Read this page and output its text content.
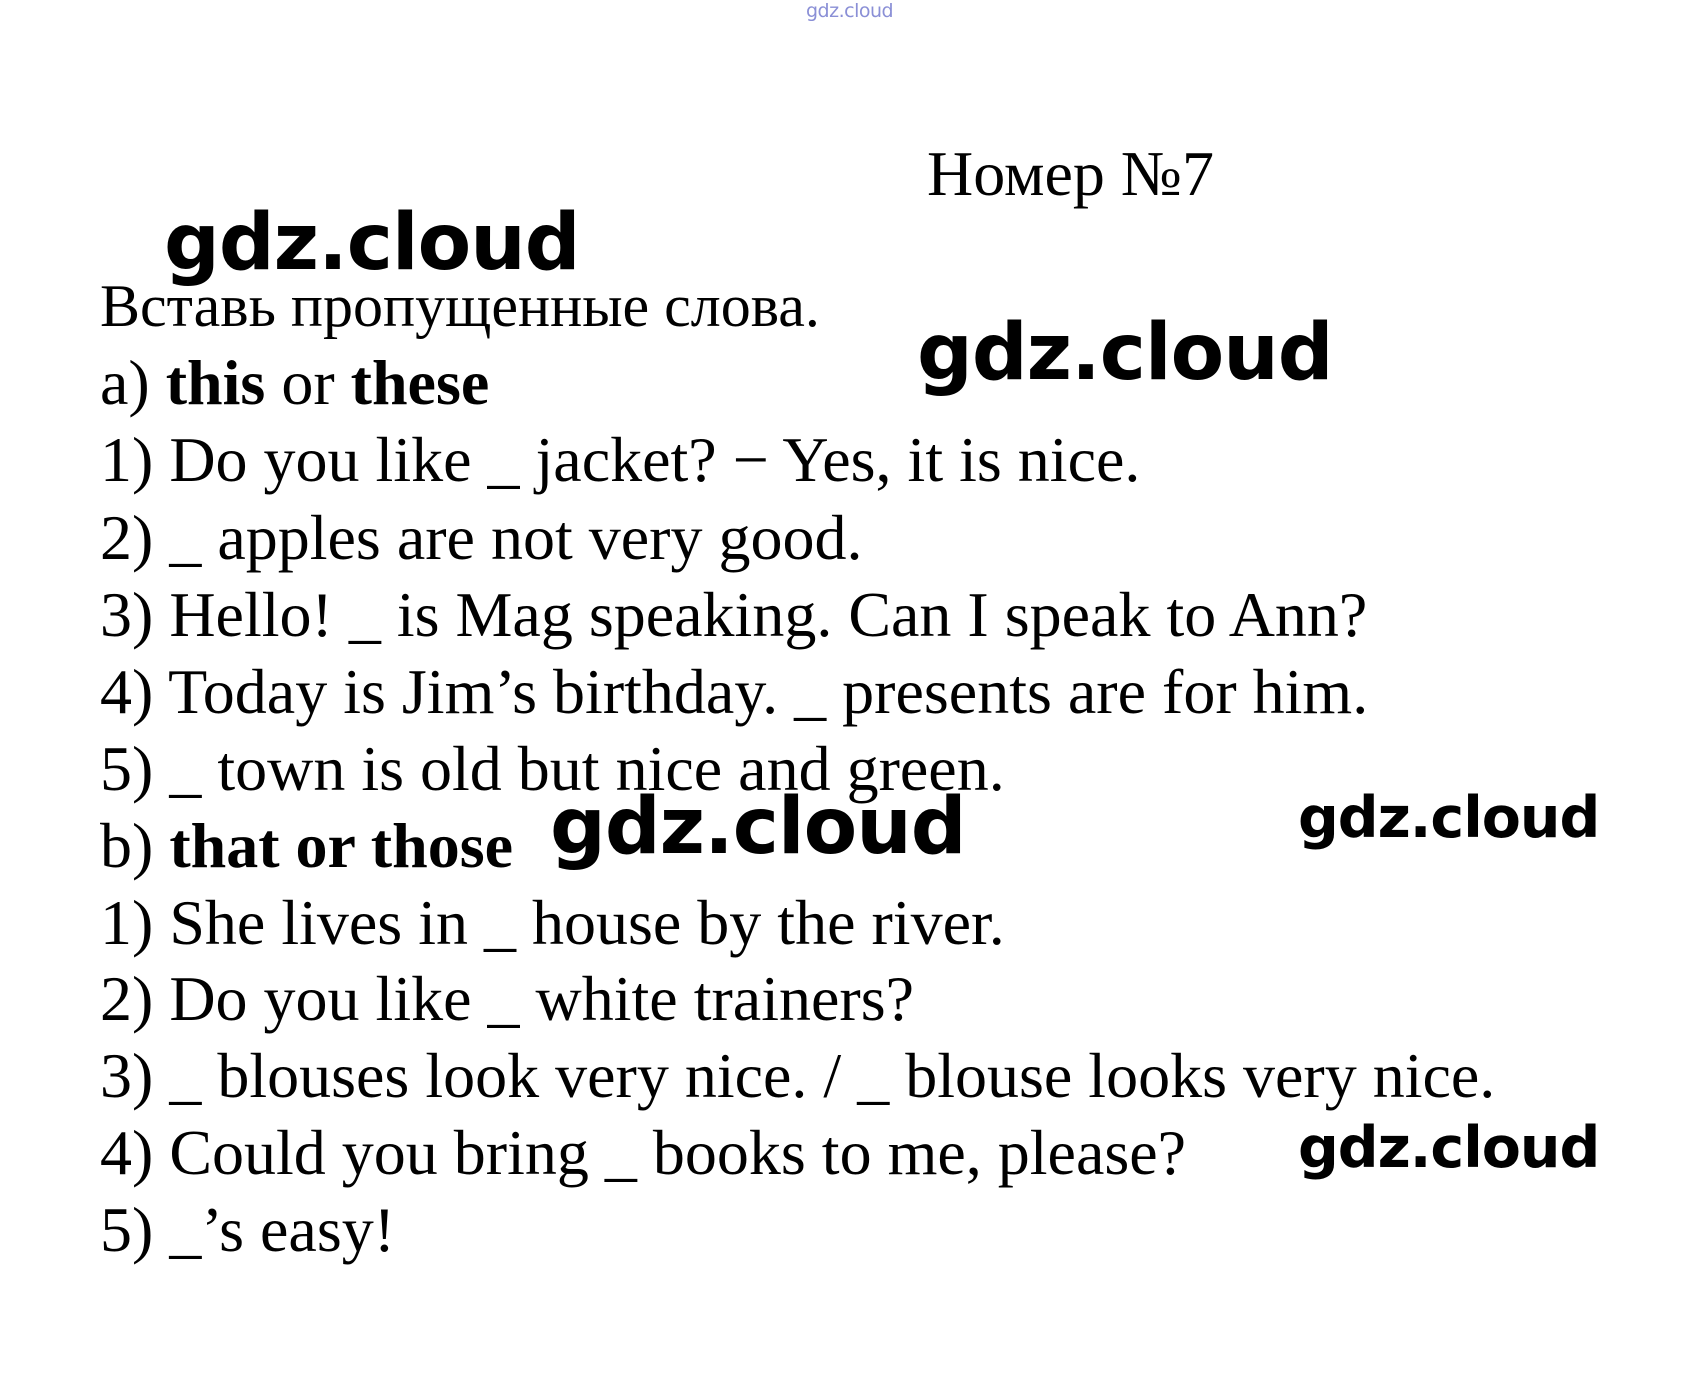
gdz.cloud
Номер №7
gdz.cloud
Вставь пропущенные слова.
gdz.cloud
a) this or these
1) Do you like _ jacket? − Yes, it is nice.
2) _ apples are not very good.
3) Hello! _ is Mag speaking. Can I speak to Ann?
4) Today is Jim’s birthday. _ presents are for him.
5) _ town is old but nice and green.
b) that or those gdz.cloud	gdz.cloud
1) She lives in _ house by the river.
2) Do you like _ white trainers?
3) _ blouses look very nice. / _ blouse looks very nice.
4) Could you bring _ books to me, please?
5) _’s easy!
gdz.cloud
